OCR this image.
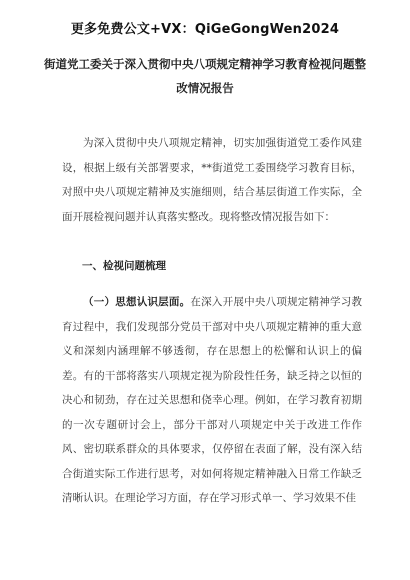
更多免费公文+VX：QiGeGongWen2024
街道党工委关于深入贯彻中央八项规定精神学习教育检视问题整改情况报告
为深入贯彻中央八项规定精神，切实加强街道党工委作风建设，根据上级有关部署要求，**街道党工委围绕学习教育目标，对照中央八项规定精神及实施细则，结合基层街道工作实际，全面开展检视问题并认真落实整改。现将整改情况报告如下：
一、检视问题梳理
（一）思想认识层面。在深入开展中央八项规定精神学习教育过程中，我们发现部分党员干部对中央八项规定精神的重大意义和深刻内涵理解不够透彻，存在思想上的松懈和认识上的偏差。有的干部将落实八项规定视为阶段性任务，缺乏持之以恒的决心和韧劲，存在过关思想和侥幸心理。例如，在学习教育初期的一次专题研讨会上，部分干部对八项规定中关于改进工作作风、密切联系群众的具体要求，仅停留在表面了解，没有深入结合街道实际工作进行思考，对如何将规定精神融入日常工作缺乏清晰认识。在理论学习方面，存在学习形式单一、学习效果不佳
